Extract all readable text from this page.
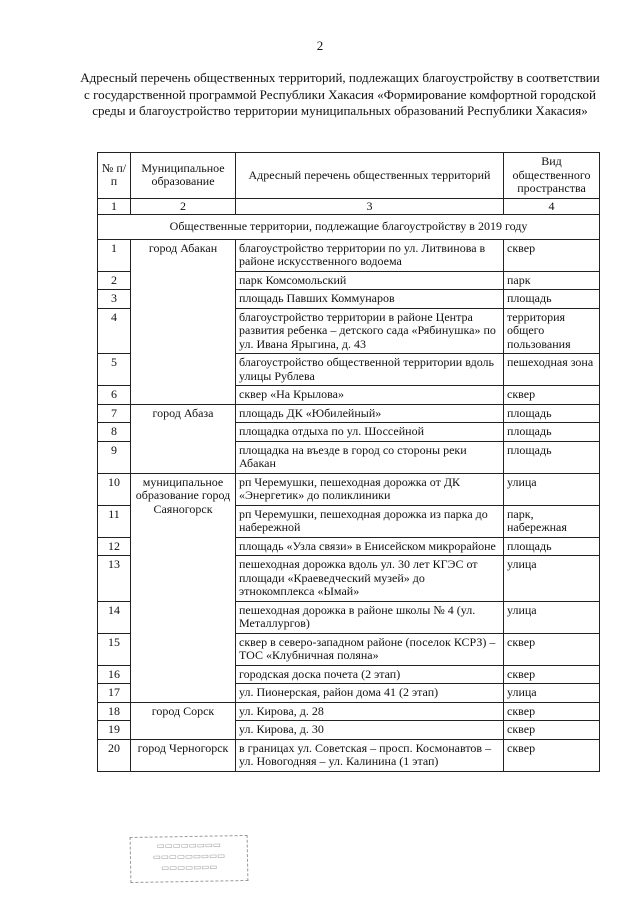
2
Адресный перечень общественных территорий, подлежащих благоустройству в соответствии с государственной программой Республики Хакасия «Формирование комфортной городской среды и благоустройство территории муниципальных образований Республики Хакасия»
№ п/п	Муниципальное образование	Адресный перечень общественных территорий	Вид общественного пространства
1	2	3	4
Общественные территории, подлежащие благоустройству в 2019 году			
1	город Абакан	благоустройство территории по ул. Литвинова в районе искусственного водоема	сквер
2		парк Комсомольский	парк
3		площадь Павших Коммунаров	площадь
4		благоустройство территории в районе Центра развития ребенка – детского сада «Рябинушка» по ул. Ивана Ярыгина, д. 43	территория общего пользования
5		благоустройство общественной территории вдоль улицы Рублева	пешеходная зона
6		сквер «На Крылова»	сквер
7	город Абаза	площадь ДК «Юбилейный»	площадь
8		площадка отдыха по ул. Шоссейной	площадь
9		площадка на въезде в город со стороны реки Абакан	площадь
10	муниципальное образование город Саяногорск	рп Черемушки, пешеходная дорожка от ДК «Энергетик» до поликлиники	улица
11		рп Черемушки, пешеходная дорожка из парка до набережной	парк, набережная
12		площадь «Узла связи» в Енисейском микрорайоне	площадь
13		пешеходная дорожка вдоль ул. 30 лет КГЭС от площади «Краеведческий музей» до этнокомплекса «Ымай»	улица
14		пешеходная дорожка в районе школы № 4 (ул. Металлургов)	улица
15		сквер в северо-западном районе (поселок КСРЗ) – ТОС «Клубничная поляна»	сквер
16		городская доска почета (2 этап)	сквер
17		ул. Пионерская, район дома 41 (2 этап)	улица
18	город Сорск	ул. Кирова, д. 28	сквер
19		ул. Кирова, д. 30	сквер
20	город Черногорск	в границах ул. Советская – просп. Космонавтов – ул. Новогодняя – ул. Калинина (1 этап)	сквер
▭▭▭▭▭▭▭▭
▭▭▭▭▭▭▭▭▭
▭▭▭▭▭▭▭
